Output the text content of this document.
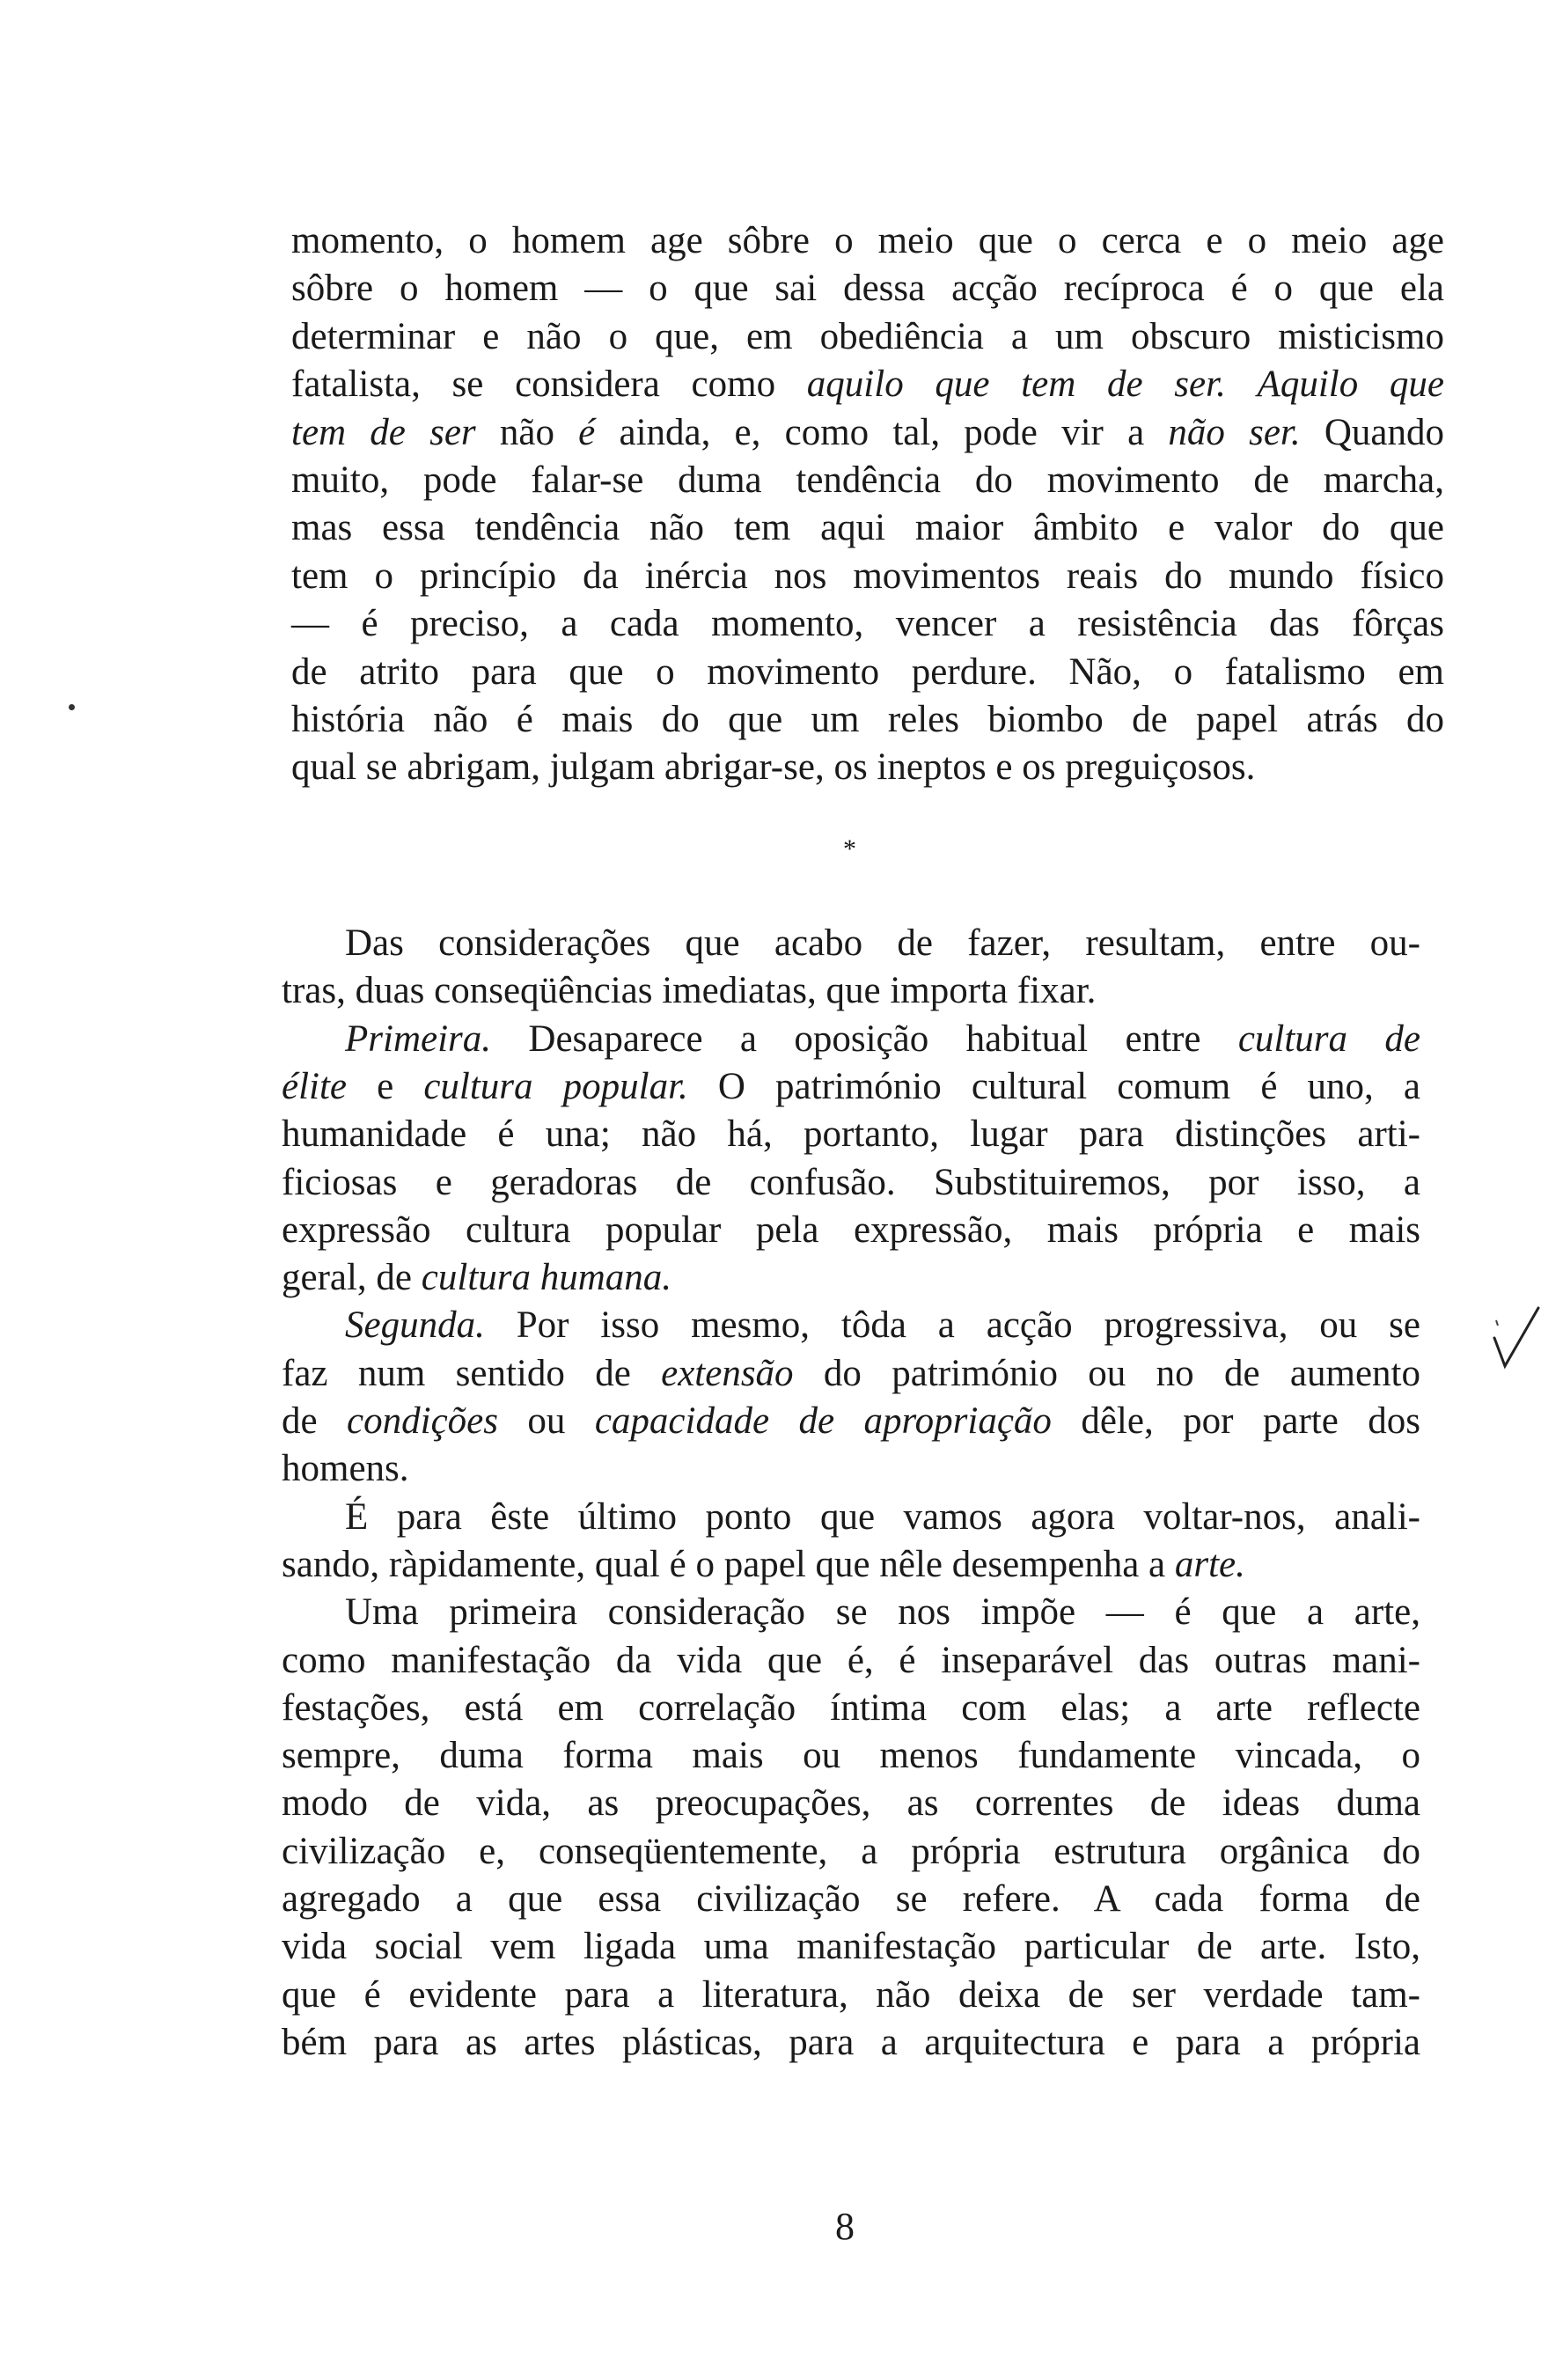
momento, o homem age sôbre o meio que o cerca e o meio age
sôbre o homem — o que sai dessa acção recíproca é o que ela
determinar e não o que, em obediência a um obscuro misticismo
fatalista, se considera como aquilo que tem de ser. Aquilo que
tem de ser não é ainda, e, como tal, pode vir a não ser. Quando
muito, pode falar-se duma tendência do movimento de marcha,
mas essa tendência não tem aqui maior âmbito e valor do que
tem o princípio da inércia nos movimentos reais do mundo físico
— é preciso, a cada momento, vencer a resistência das fôrças
de atrito para que o movimento perdure. Não, o fatalismo em
história não é mais do que um reles biombo de papel atrás do
qual se abrigam, julgam abrigar-se, os ineptos e os preguiçosos.
*
Das considerações que acabo de fazer, resultam, entre ou-
tras, duas conseqüências imediatas, que importa fixar.
Primeira. Desaparece a oposição habitual entre cultura de
élite e cultura popular. O património cultural comum é uno, a
humanidade é una; não há, portanto, lugar para distinções arti-
ficiosas e geradoras de confusão. Substituiremos, por isso, a
expressão cultura popular pela expressão, mais própria e mais
geral, de cultura humana.
Segunda. Por isso mesmo, tôda a acção progressiva, ou se
faz num sentido de extensão do património ou no de aumento
de condições ou capacidade de apropriação dêle, por parte dos
homens.
É para êste último ponto que vamos agora voltar-nos, anali-
sando, ràpidamente, qual é o papel que nêle desempenha a arte.
Uma primeira consideração se nos impõe — é que a arte,
como manifestação da vida que é, é inseparável das outras mani-
festações, está em correlação íntima com elas; a arte reflecte
sempre, duma forma mais ou menos fundamente vincada, o
modo de vida, as preocupações, as correntes de ideas duma
civilização e, conseqüentemente, a própria estrutura orgânica do
agregado a que essa civilização se refere. A cada forma de
vida social vem ligada uma manifestação particular de arte. Isto,
que é evidente para a literatura, não deixa de ser verdade tam-
bém para as artes plásticas, para a arquitectura e para a própria
8
